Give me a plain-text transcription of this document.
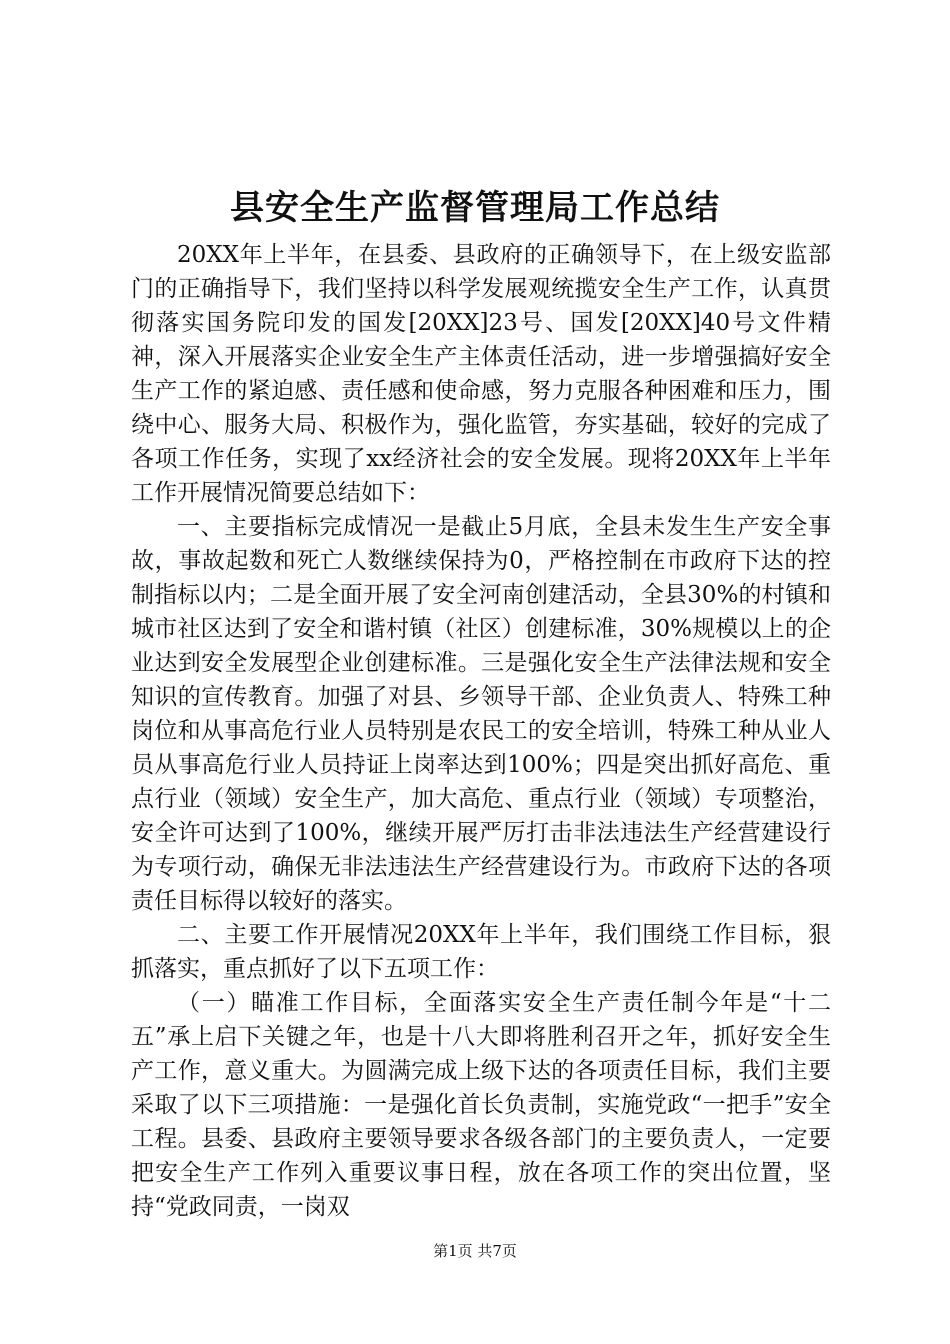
县安全生产监督管理局工作总结

20XX年上半年，在县委、县政府的正确领导下，在上级安监部门的正确指导下，我们坚持以科学发展观统揽安全生产工作，认真贯彻落实国务院印发的国发[20XX]23号、国发[20XX]40号文件精神，深入开展落实企业安全生产主体责任活动，进一步增强搞好安全生产工作的紧迫感、责任感和使命感，努力克服各种困难和压力，围绕中心、服务大局、积极作为，强化监管，夯实基础，较好的完成了各项工作任务，实现了xx经济社会的安全发展。现将20XX年上半年工作开展情况简要总结如下：

一、主要指标完成情况一是截止5月底，全县未发生生产安全事故，事故起数和死亡人数继续保持为0，严格控制在市政府下达的控制指标以内；二是全面开展了安全河南创建活动，全县30%的村镇和城市社区达到了安全和谐村镇（社区）创建标准，30%规模以上的企业达到安全发展型企业创建标准。三是强化安全生产法律法规和安全知识的宣传教育。加强了对县、乡领导干部、企业负责人、特殊工种岗位和从事高危行业人员特别是农民工的安全培训，特殊工种从业人员从事高危行业人员持证上岗率达到100%；四是突出抓好高危、重点行业（领域）安全生产，加大高危、重点行业（领域）专项整治，安全许可达到了100%，继续开展严厉打击非法违法生产经营建设行为专项行动，确保无非法违法生产经营建设行为。市政府下达的各项责任目标得以较好的落实。

二、主要工作开展情况20XX年上半年，我们围绕工作目标，狠抓落实，重点抓好了以下五项工作：

（一）瞄准工作目标，全面落实安全生产责任制今年是“十二五”承上启下关键之年，也是十八大即将胜利召开之年，抓好安全生产工作，意义重大。为圆满完成上级下达的各项责任目标，我们主要采取了以下三项措施：一是强化首长负责制，实施党政“一把手”安全工程。县委、县政府主要领导要求各级各部门的主要负责人，一定要把安全生产工作列入重要议事日程，放在各项工作的突出位置，坚持“党政同责，一岗双

第1页 共7页
